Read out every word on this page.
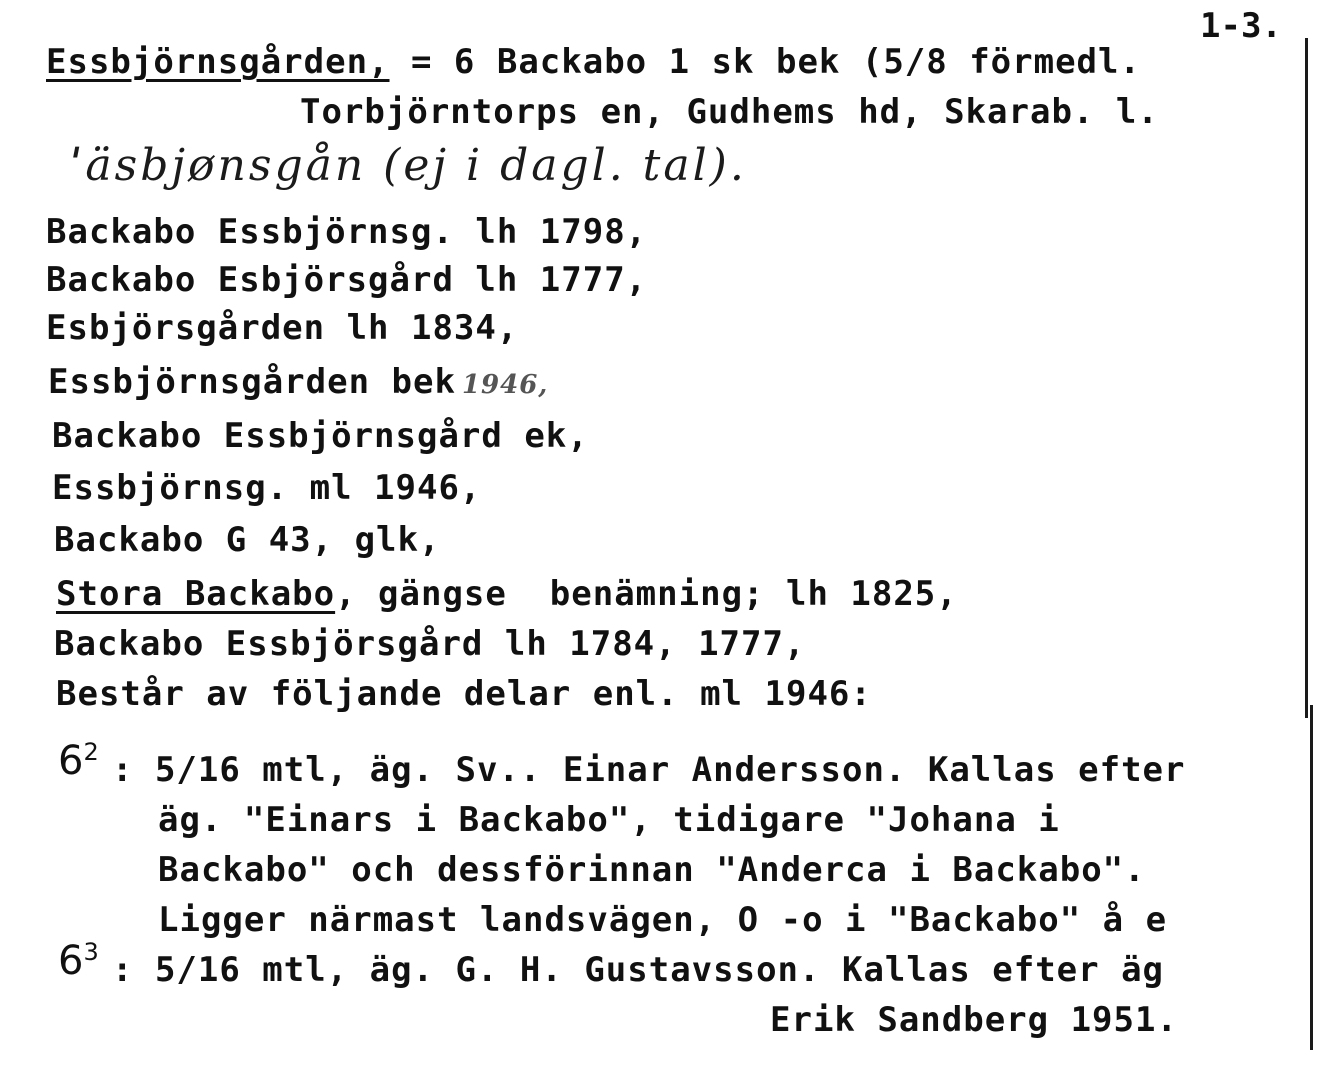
1-3.
Essbjörnsgården, = 6 Backabo 1 sk bek (5/8 förmedl.
Torbjörntorps en, Gudhems hd, Skarab. l.
ˈäsbjønsgån (ej i dagl. tal).
Backabo Essbjörnsg. lh 1798,
Backabo Esbjörsgård lh 1777,
Esbjörsgården lh 1834,
Essbjörnsgården bek 1946,
Backabo Essbjörnsgård ek,
Essbjörnsg. ml 1946,
Backabo G 43, glk,
Stora Backabo, gängse  benämning; lh 1825,
Backabo Essbjörsgård lh 1784, 1777,
Består av följande delar enl. ml 1946:
$6^2$ : 5/16 mtl, äg. Sv.. Einar Andersson. Kallas efter
äg. "Einars i Backabo", tidigare "Johana i
Backabo" och dessförinnan "Anderса i Backabo".
Ligger närmast landsvägen, O -o i "Backabo" å e
$6^3$ : 5/16 mtl, äg. G. H. Gustavsson. Kallas efter äg
Erik Sandberg 1951.
